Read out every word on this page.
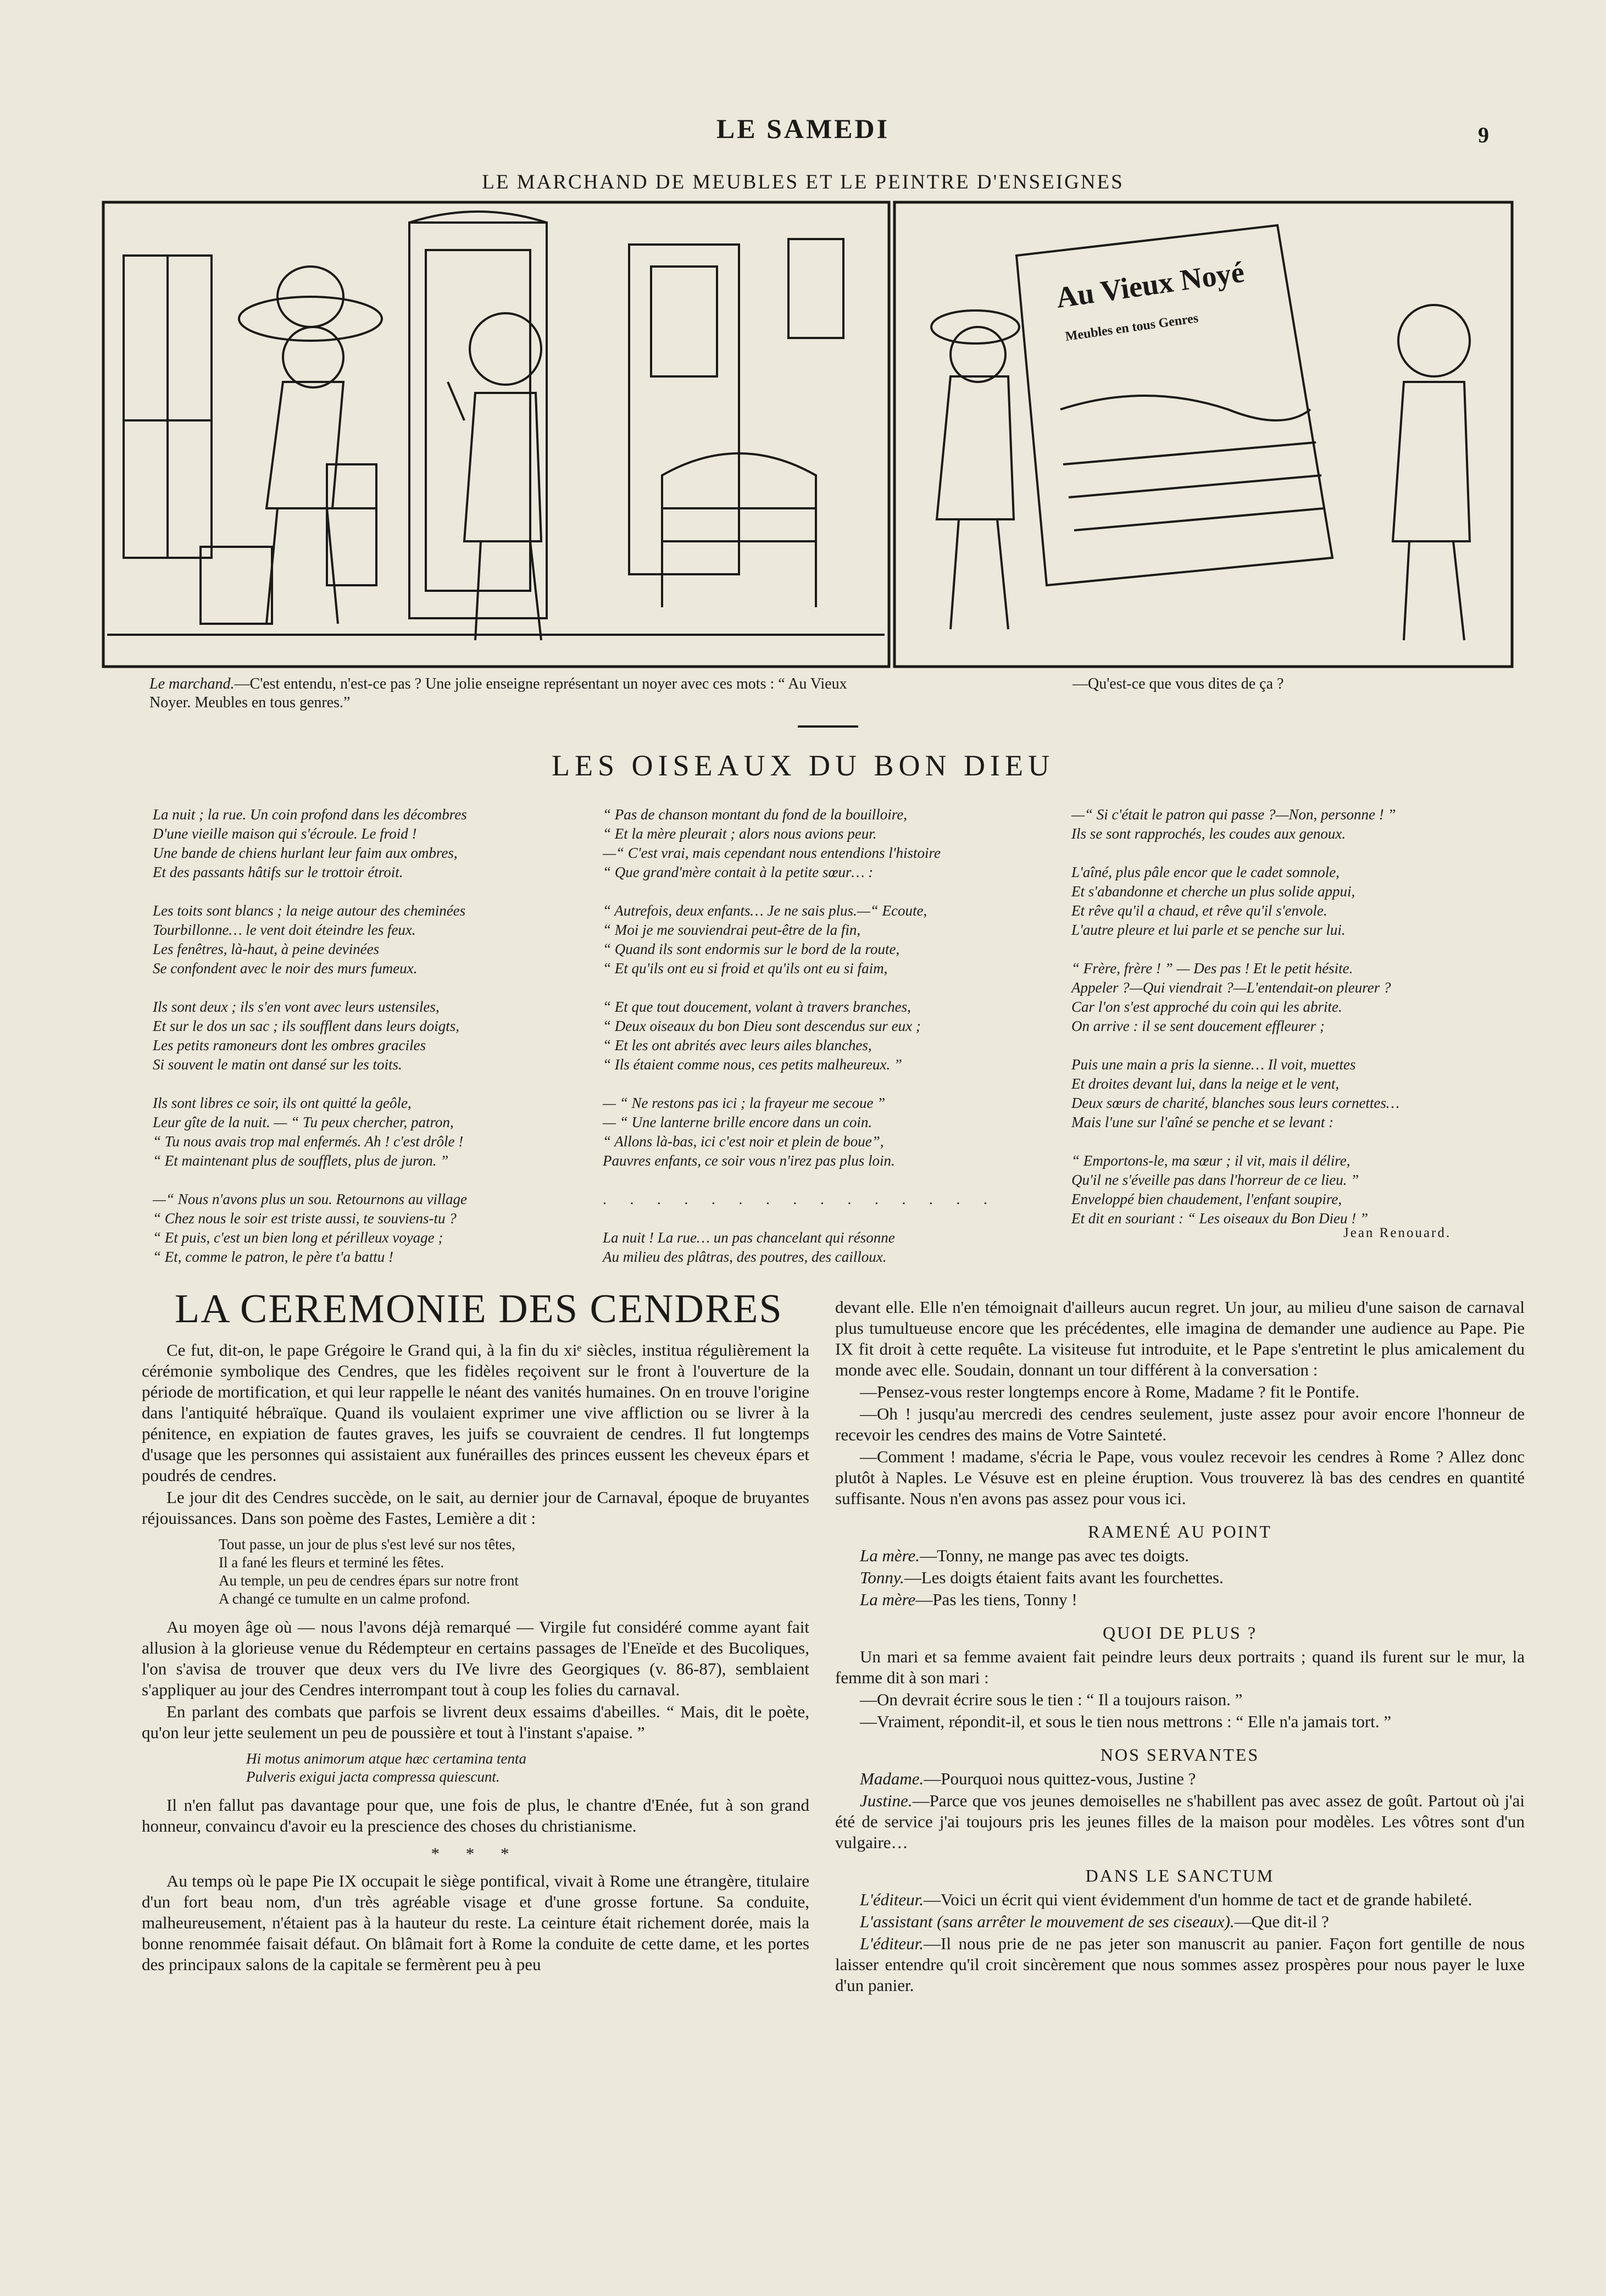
LE SAMEDI	9
LE MARCHAND DE MEUBLES ET LE PEINTRE D'ENSEIGNES
Au Vieux Noyé
Meubles en tous Genres
Le marchand.—C'est entendu, n'est-ce pas ? Une jolie enseigne représentant un noyer avec ces mots : “ Au Vieux Noyer. Meubles en tous genres.”
—Qu'est-ce que vous dites de ça ?
LES OISEAUX DU BON DIEU
La nuit ; la rue. Un coin profond dans les décombres
D'une vieille maison qui s'écroule. Le froid !
Une bande de chiens hurlant leur faim aux ombres,
Et des passants hâtifs sur le trottoir étroit.
Les toits sont blancs ; la neige autour des cheminées
Tourbillonne… le vent doit éteindre les feux.
Les fenêtres, là-haut, à peine devinées
Se confondent avec le noir des murs fumeux.
Ils sont deux ; ils s'en vont avec leurs ustensiles,
Et sur le dos un sac ; ils soufflent dans leurs doigts,
Les petits ramoneurs dont les ombres graciles
Si souvent le matin ont dansé sur les toits.
Ils sont libres ce soir, ils ont quitté la geôle,
Leur gîte de la nuit. — “ Tu peux chercher, patron,
“ Tu nous avais trop mal enfermés. Ah ! c'est drôle !
“ Et maintenant plus de soufflets, plus de juron. ”
—“ Nous n'avons plus un sou. Retournons au village
“ Chez nous le soir est triste aussi, te souviens-tu ?
“ Et puis, c'est un bien long et périlleux voyage ;
“ Et, comme le patron, le père t'a battu !
“ Pas de chanson montant du fond de la bouilloire,
“ Et la mère pleurait ; alors nous avions peur.
—“ C'est vrai, mais cependant nous entendions l'histoire
“ Que grand'mère contait à la petite sœur… :
“ Autrefois, deux enfants… Je ne sais plus.—“ Ecoute,
“ Moi je me souviendrai peut-être de la fin,
“ Quand ils sont endormis sur le bord de la route,
“ Et qu'ils ont eu si froid et qu'ils ont eu si faim,
“ Et que tout doucement, volant à travers branches,
“ Deux oiseaux du bon Dieu sont descendus sur eux ;
“ Et les ont abrités avec leurs ailes blanches,
“ Ils étaient comme nous, ces petits malheureux. ”
— “ Ne restons pas ici ; la frayeur me secoue ”
— “ Une lanterne brille encore dans un coin.
“ Allons là-bas, ici c'est noir et plein de boue”,
Pauvres enfants, ce soir vous n'irez pas plus loin.
. . . . . . . . . . . . . . .
La nuit ! La rue… un pas chancelant qui résonne
Au milieu des plâtras, des poutres, des cailloux.
—“ Si c'était le patron qui passe ?—Non, personne ! ”
Ils se sont rapprochés, les coudes aux genoux.
L'aîné, plus pâle encor que le cadet somnole,
Et s'abandonne et cherche un plus solide appui,
Et rêve qu'il a chaud, et rêve qu'il s'envole.
L'autre pleure et lui parle et se penche sur lui.
“ Frère, frère ! ” — Des pas ! Et le petit hésite.
Appeler ?—Qui viendrait ?—L'entendait-on pleurer ?
Car l'on s'est approché du coin qui les abrite.
On arrive : il se sent doucement effleurer ;
Puis une main a pris la sienne… Il voit, muettes
Et droites devant lui, dans la neige et le vent,
Deux sœurs de charité, blanches sous leurs cornettes…
Mais l'une sur l'aîné se penche et se levant :
“ Emportons-le, ma sœur ; il vit, mais il délire,
Qu'il ne s'éveille pas dans l'horreur de ce lieu. ”
Enveloppé bien chaudement, l'enfant soupire,
Et dit en souriant : “ Les oiseaux du Bon Dieu ! ”
Jean Renouard.
LA CEREMONIE DES CENDRES

Ce fut, dit-on, le pape Grégoire le Grand qui, à la fin du xiᵉ siècles, institua régulièrement la cérémonie symbolique des Cendres, que les fidèles reçoivent sur le front à l'ouverture de la période de mortification, et qui leur rappelle le néant des vanités humaines. On en trouve l'origine dans l'antiquité hébraïque. Quand ils voulaient exprimer une vive affliction ou se livrer à la pénitence, en expiation de fautes graves, les juifs se couvraient de cendres. Il fut longtemps d'usage que les personnes qui assistaient aux funérailles des princes eussent les cheveux épars et poudrés de cendres.

Le jour dit des Cendres succède, on le sait, au dernier jour de Carnaval, époque de bruyantes réjouissances. Dans son poème des Fastes, Lemière a dit :

Tout passe, un jour de plus s'est levé sur nos têtes,
Il a fané les fleurs et terminé les fêtes.
Au temple, un peu de cendres épars sur notre front
A changé ce tumulte en un calme profond.

Au moyen âge où — nous l'avons déjà remarqué — Virgile fut considéré comme ayant fait allusion à la glorieuse venue du Rédempteur en certains passages de l'Eneïde et des Bucoliques, l'on s'avisa de trouver que deux vers du IVe livre des Georgiques (v. 86-87), semblaient s'appliquer au jour des Cendres interrompant tout à coup les folies du carnaval.

En parlant des combats que parfois se livrent deux essaims d'abeilles. “ Mais, dit le poète, qu'on leur jette seulement un peu de poussière et tout à l'instant s'apaise. ”

Hi motus animorum atque hæc certamina tenta
Pulveris exigui jacta compressa quiescunt.

Il n'en fallut pas davantage pour que, une fois de plus, le chantre d'Enée, fut à son grand honneur, convaincu d'avoir eu la prescience des choses du christianisme.

* * *

Au temps où le pape Pie IX occupait le siège pontifical, vivait à Rome une étrangère, titulaire d'un fort beau nom, d'un très agréable visage et d'une grosse fortune. Sa conduite, malheureusement, n'étaient pas à la hauteur du reste. La ceinture était richement dorée, mais la bonne renommée faisait défaut. On blâmait fort à Rome la conduite de cette dame, et les portes des principaux salons de la capitale se fermèrent peu à peu

devant elle. Elle n'en témoignait d'ailleurs aucun regret. Un jour, au milieu d'une saison de carnaval plus tumultueuse encore que les précédentes, elle imagina de demander une audience au Pape. Pie IX fit droit à cette requête. La visiteuse fut introduite, et le Pape s'entretint le plus amicalement du monde avec elle. Soudain, donnant un tour différent à la conversation :

—Pensez-vous rester longtemps encore à Rome, Madame ? fit le Pontife.

—Oh ! jusqu'au mercredi des cendres seulement, juste assez pour avoir encore l'honneur de recevoir les cendres des mains de Votre Sainteté.

—Comment ! madame, s'écria le Pape, vous voulez recevoir les cendres à Rome ? Allez donc plutôt à Naples. Le Vésuve est en pleine éruption. Vous trouverez là bas des cendres en quantité suffisante. Nous n'en avons pas assez pour vous ici.

RAMENÉ AU POINT

La mère.—Tonny, ne mange pas avec tes doigts.

Tonny.—Les doigts étaient faits avant les fourchettes.

La mère—Pas les tiens, Tonny !

QUOI DE PLUS ?

Un mari et sa femme avaient fait peindre leurs deux portraits ; quand ils furent sur le mur, la femme dit à son mari :

—On devrait écrire sous le tien : “ Il a toujours raison. ”

—Vraiment, répondit-il, et sous le tien nous mettrons : “ Elle n'a jamais tort. ”

NOS SERVANTES

Madame.—Pourquoi nous quittez-vous, Justine ?

Justine.—Parce que vos jeunes demoiselles ne s'habillent pas avec assez de goût. Partout où j'ai été de service j'ai toujours pris les jeunes filles de la maison pour modèles. Les vôtres sont d'un vulgaire…

DANS LE SANCTUM

L'éditeur.—Voici un écrit qui vient évidemment d'un homme de tact et de grande habileté.

L'assistant (sans arrêter le mouvement de ses ciseaux).—Que dit-il ?

L'éditeur.—Il nous prie de ne pas jeter son manuscrit au panier. Façon fort gentille de nous laisser entendre qu'il croit sincèrement que nous sommes assez prospères pour nous payer le luxe d'un panier.
